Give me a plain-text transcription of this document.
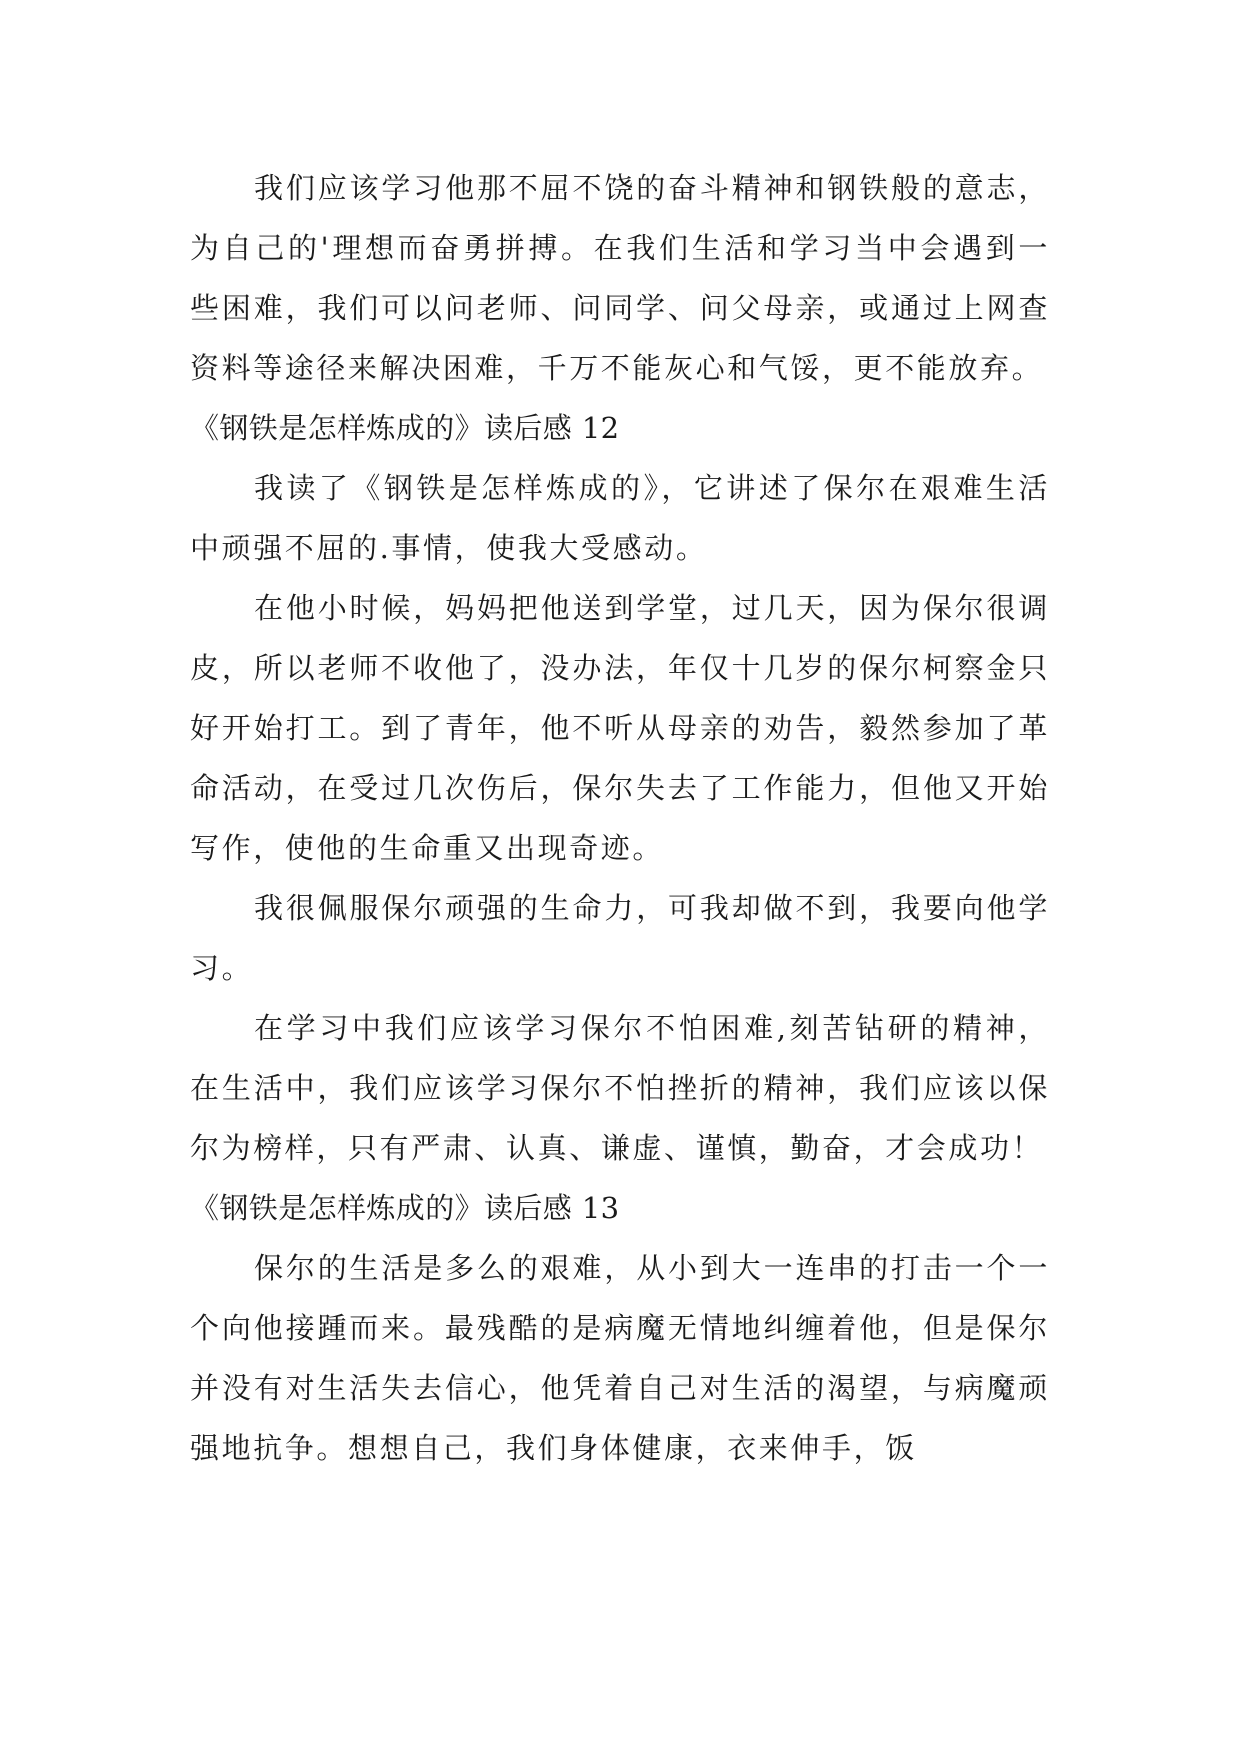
我们应该学习他那不屈不饶的奋斗精神和钢铁般的意志，为自己的'理想而奋勇拼搏。在我们生活和学习当中会遇到一些困难，我们可以问老师、问同学、问父母亲，或通过上网查资料等途径来解决困难，千万不能灰心和气馁，更不能放弃。

《钢铁是怎样炼成的》读后感 12

我读了《钢铁是怎样炼成的》，它讲述了保尔在艰难生活中顽强不屈的.事情，使我大受感动。

在他小时候，妈妈把他送到学堂，过几天，因为保尔很调皮，所以老师不收他了，没办法，年仅十几岁的保尔柯察金只好开始打工。到了青年，他不听从母亲的劝告，毅然参加了革命活动，在受过几次伤后，保尔失去了工作能力，但他又开始写作，使他的生命重又出现奇迹。

我很佩服保尔顽强的生命力，可我却做不到，我要向他学习。

在学习中我们应该学习保尔不怕困难,刻苦钻研的精神，在生活中，我们应该学习保尔不怕挫折的精神，我们应该以保尔为榜样，只有严肃、认真、谦虚、谨慎，勤奋，才会成功！

《钢铁是怎样炼成的》读后感 13

保尔的生活是多么的艰难，从小到大一连串的打击一个一个向他接踵而来。最残酷的是病魔无情地纠缠着他，但是保尔并没有对生活失去信心，他凭着自己对生活的渴望，与病魔顽强地抗争。想想自己，我们身体健康，衣来伸手，饭
